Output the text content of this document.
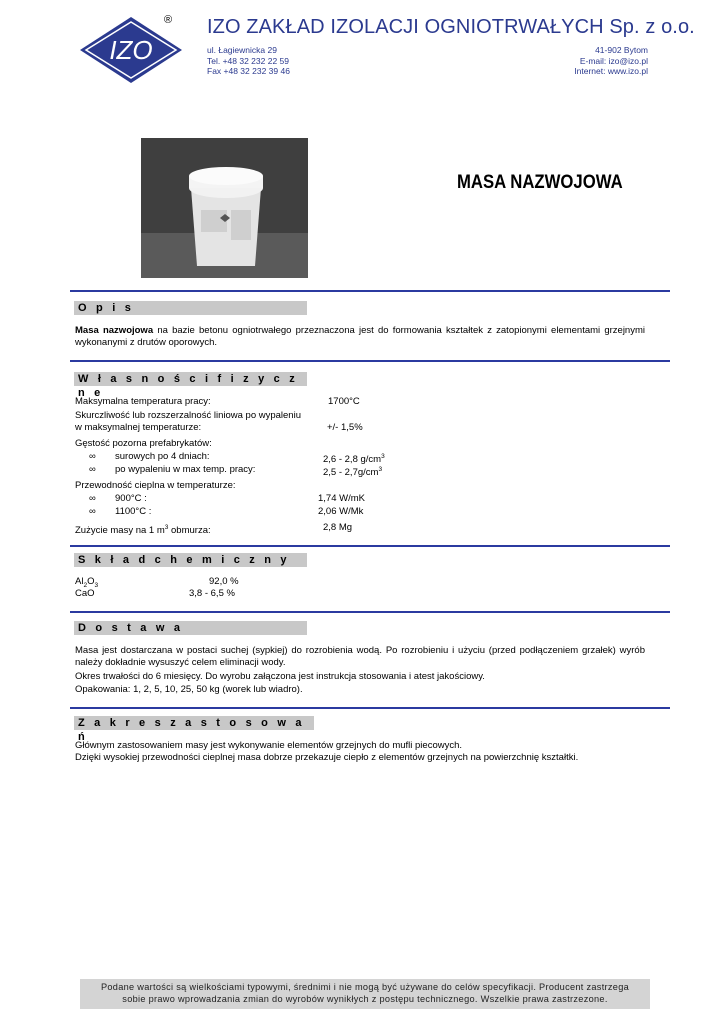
IZO
® IZO ZAKŁAD IZOLACJI OGNIOTRWAŁYCH Sp. z o.o.
ul. Łagiewnicka 29
Tel. +48 32 232 22 59
Fax +48 32 232 39 46
41-902 Bytom
E-mail: izo@izo.pl
Internet: www.izo.pl
MASA NAZWOJOWA
O p i s
Masa nazwojowa na bazie betonu ogniotrwałego przeznaczona jest do formowania kształtek z zatopionymi elementami grzejnymi wykonanymi z drutów oporowych.
W ł a s n o ś c i f i z y c z n e
Maksymalna temperatura pracy:	1700°C
Skurczliwość lub rozszerzalność liniowa po wypaleniu
w maksymalnej temperaturze:	+/- 1,5%
Gęstość pozorna prefabrykatów:
∞ surowych po 4 dniach:	2,6 - 2,8 $g/cm^3$
∞ po wypaleniu w max temp. pracy:	$2,5 - 2,7g/cm^3$
Przewodność cieplna w temperaturze:
∞ 900°C :	1,74 W/mK
∞ 1100°C :	2,06 W/Mk
Zużycie masy na 1 $m^3$ obmurza:	2,8 Mg
S k ł a d c h e m i c z n y
$Al_2O_3$	92,0 %
CaO	3,8 - 6,5 %
D o s t a w a
Masa jest dostarczana w postaci suchej (sypkiej) do rozrobienia wodą. Po rozrobieniu i użyciu (przed podłączeniem grzałek) wyrób należy dokładnie wysuszyć celem eliminacji wody.
Okres trwałości do 6 miesięcy. Do wyrobu załączona jest instrukcja stosowania i atest jakościowy.
Opakowania: 1, 2, 5, 10, 25, 50 kg (worek lub wiadro).
Z a k r e s z a s t o s o w a ń
Głównym zastosowaniem masy jest wykonywanie elementów grzejnych do mufli piecowych.
Dzięki wysokiej przewodności cieplnej masa dobrze przekazuje ciepło z elementów grzejnych na powierzchnię kształtki.
Podane wartości są wielkościami typowymi, średnimi i nie mogą być używane do celów specyfikacji. Producent zastrzega
sobie prawo wprowadzania zmian do wyrobów wynikłych z postępu technicznego. Wszelkie prawa zastrzezone.
